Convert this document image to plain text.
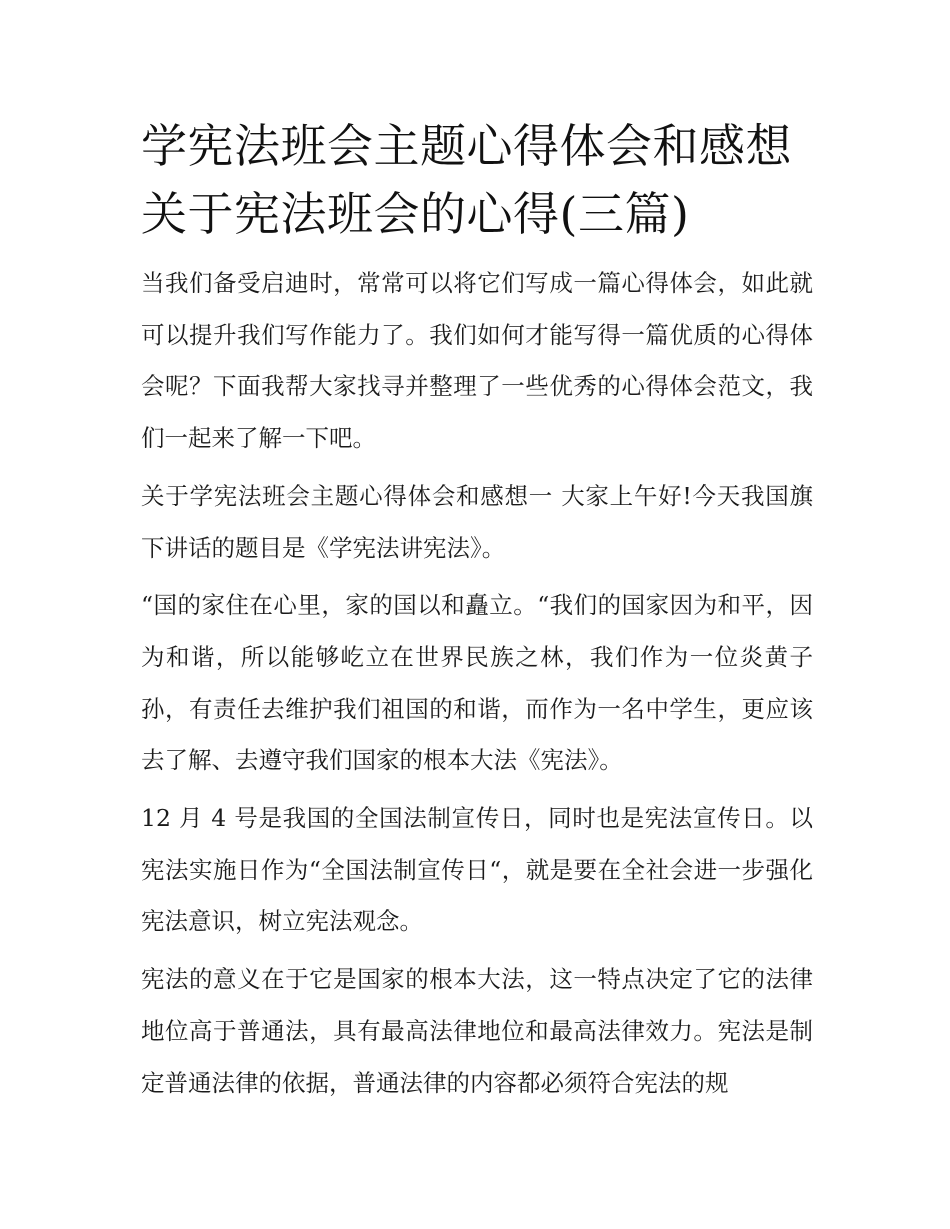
学宪法班会主题心得体会和感想 关于宪法班会的心得(三篇)

当我们备受启迪时，常常可以将它们写成一篇心得体会，如此就可以提升我们写作能力了。我们如何才能写得一篇优质的心得体会呢？下面我帮大家找寻并整理了一些优秀的心得体会范文，我们一起来了解一下吧。

关于学宪法班会主题心得体会和感想一 大家上午好!今天我国旗下讲话的题目是《学宪法讲宪法》。

“国的家住在心里，家的国以和矗立。“我们的国家因为和平，因为和谐，所以能够屹立在世界民族之林，我们作为一位炎黄子孙，有责任去维护我们祖国的和谐，而作为一名中学生，更应该去了解、去遵守我们国家的根本大法《宪法》。

12 月 4 号是我国的全国法制宣传日，同时也是宪法宣传日。以宪法实施日作为“全国法制宣传日“，就是要在全社会进一步强化宪法意识，树立宪法观念。

宪法的意义在于它是国家的根本大法，这一特点决定了它的法律地位高于普通法，具有最高法律地位和最高法律效力。宪法是制定普通法律的依据，普通法律的内容都必须符合宪法的规
